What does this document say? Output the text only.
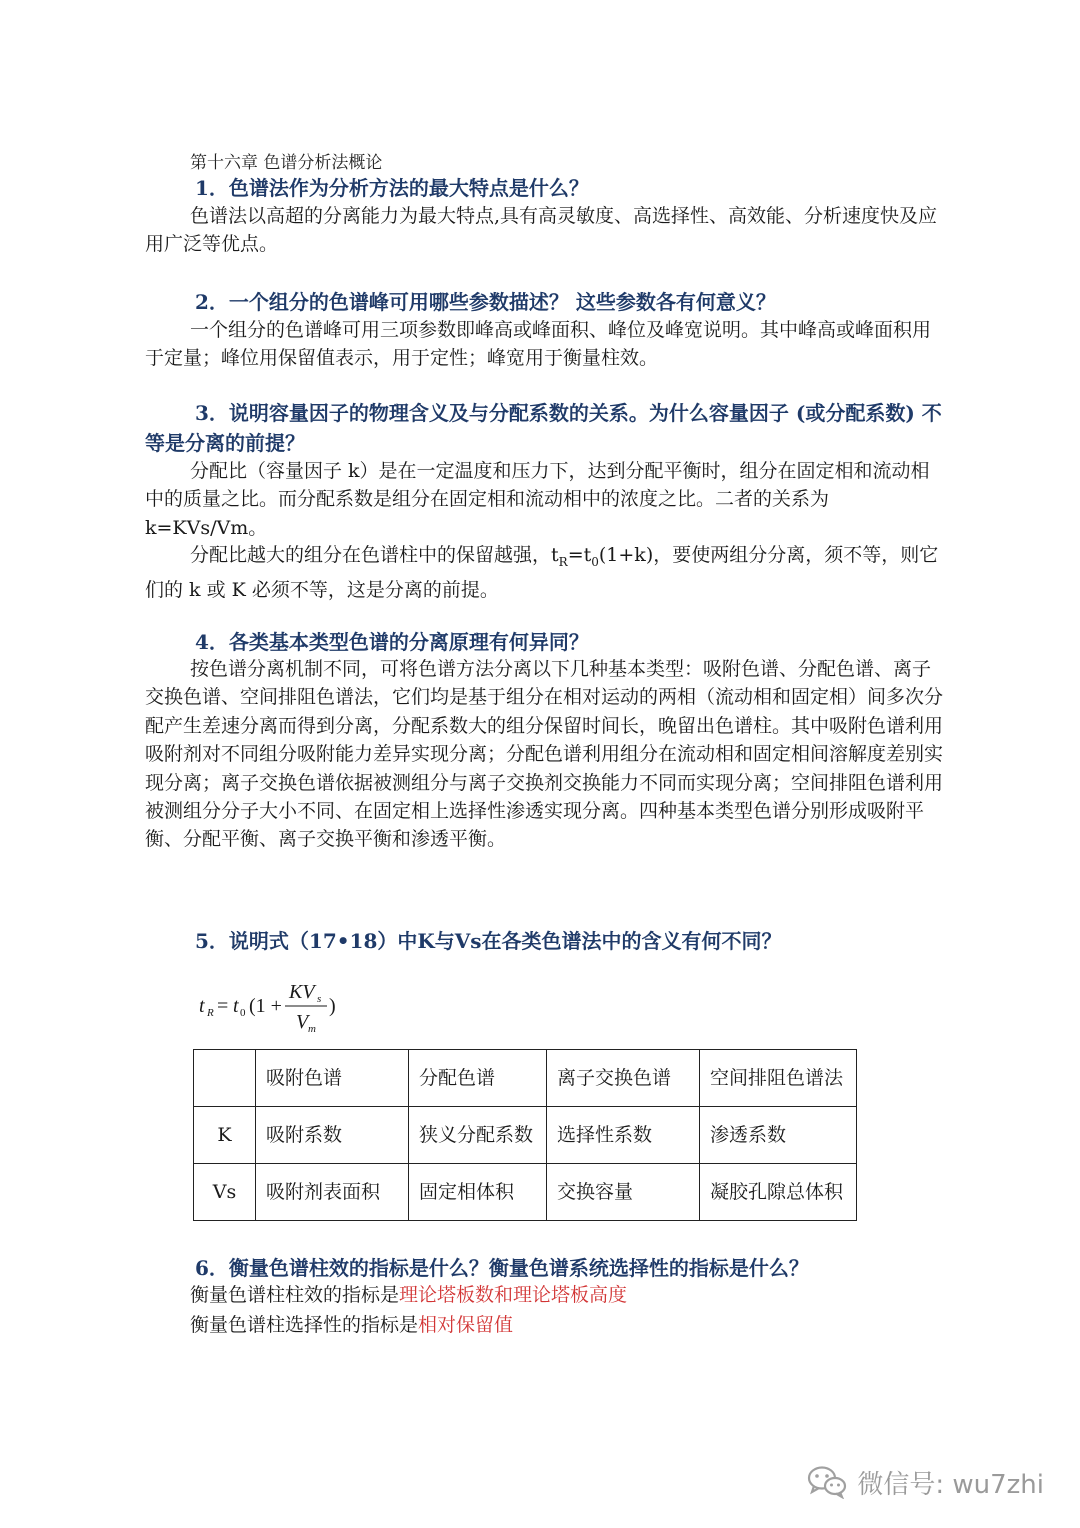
第十六章 色谱分析法概论
1．色谱法作为分析方法的最大特点是什么？
色谱法以高超的分离能力为最大特点,具有高灵敏度、高选择性、高效能、分析速度快及应用广泛等优点。
2．一个组分的色谱峰可用哪些参数描述？ 这些参数各有何意义？
一个组分的色谱峰可用三项参数即峰高或峰面积、峰位及峰宽说明。其中峰高或峰面积用于定量；峰位用保留值表示，用于定性；峰宽用于衡量柱效。
3．说明容量因子的物理含义及与分配系数的关系。为什么容量因子 (或分配系数) 不等是分离的前提？
分配比（容量因子 k）是在一定温度和压力下，达到分配平衡时，组分在固定相和流动相中的质量之比。而分配系数是组分在固定相和流动相中的浓度之比。二者的关系为 k=KVs/Vm。
分配比越大的组分在色谱柱中的保留越强，$t_R=t_0(1+k)$，要使两组分分离，须不等，则它们的 k 或 K 必须不等，这是分离的前提。
4．各类基本类型色谱的分离原理有何异同？
按色谱分离机制不同，可将色谱方法分离以下几种基本类型：吸附色谱、分配色谱、离子交换色谱、空间排阻色谱法，它们均是基于组分在相对运动的两相（流动相和固定相）间多次分配产生差速分离而得到分离，分配系数大的组分保留时间长，晚留出色谱柱。其中吸附色谱利用吸附剂对不同组分吸附能力差异实现分离；分配色谱利用组分在流动相和固定相间溶解度差别实现分离；离子交换色谱依据被测组分与离子交换剂交换能力不同而实现分离；空间排阻色谱利用被测组分分子大小不同、在固定相上选择性渗透实现分离。四种基本类型色谱分别形成吸附平衡、分配平衡、离子交换平衡和渗透平衡。
5．说明式（17•18）中K与Vs在各类色谱法中的含义有何不同？
t R = t 0 (1 +
KV s
V m
)
	吸附色谱	分配色谱	离子交换色谱	空间排阻色谱法
K	吸附系数	狭义分配系数	选择性系数	渗透系数
Vs	吸附剂表面积	固定相体积	交换容量	凝胶孔隙总体积
6．衡量色谱柱效的指标是什么？衡量色谱系统选择性的指标是什么？
衡量色谱柱柱效的指标是理论塔板数和理论塔板高度
衡量色谱柱选择性的指标是相对保留值
微信号: wu7zhi
